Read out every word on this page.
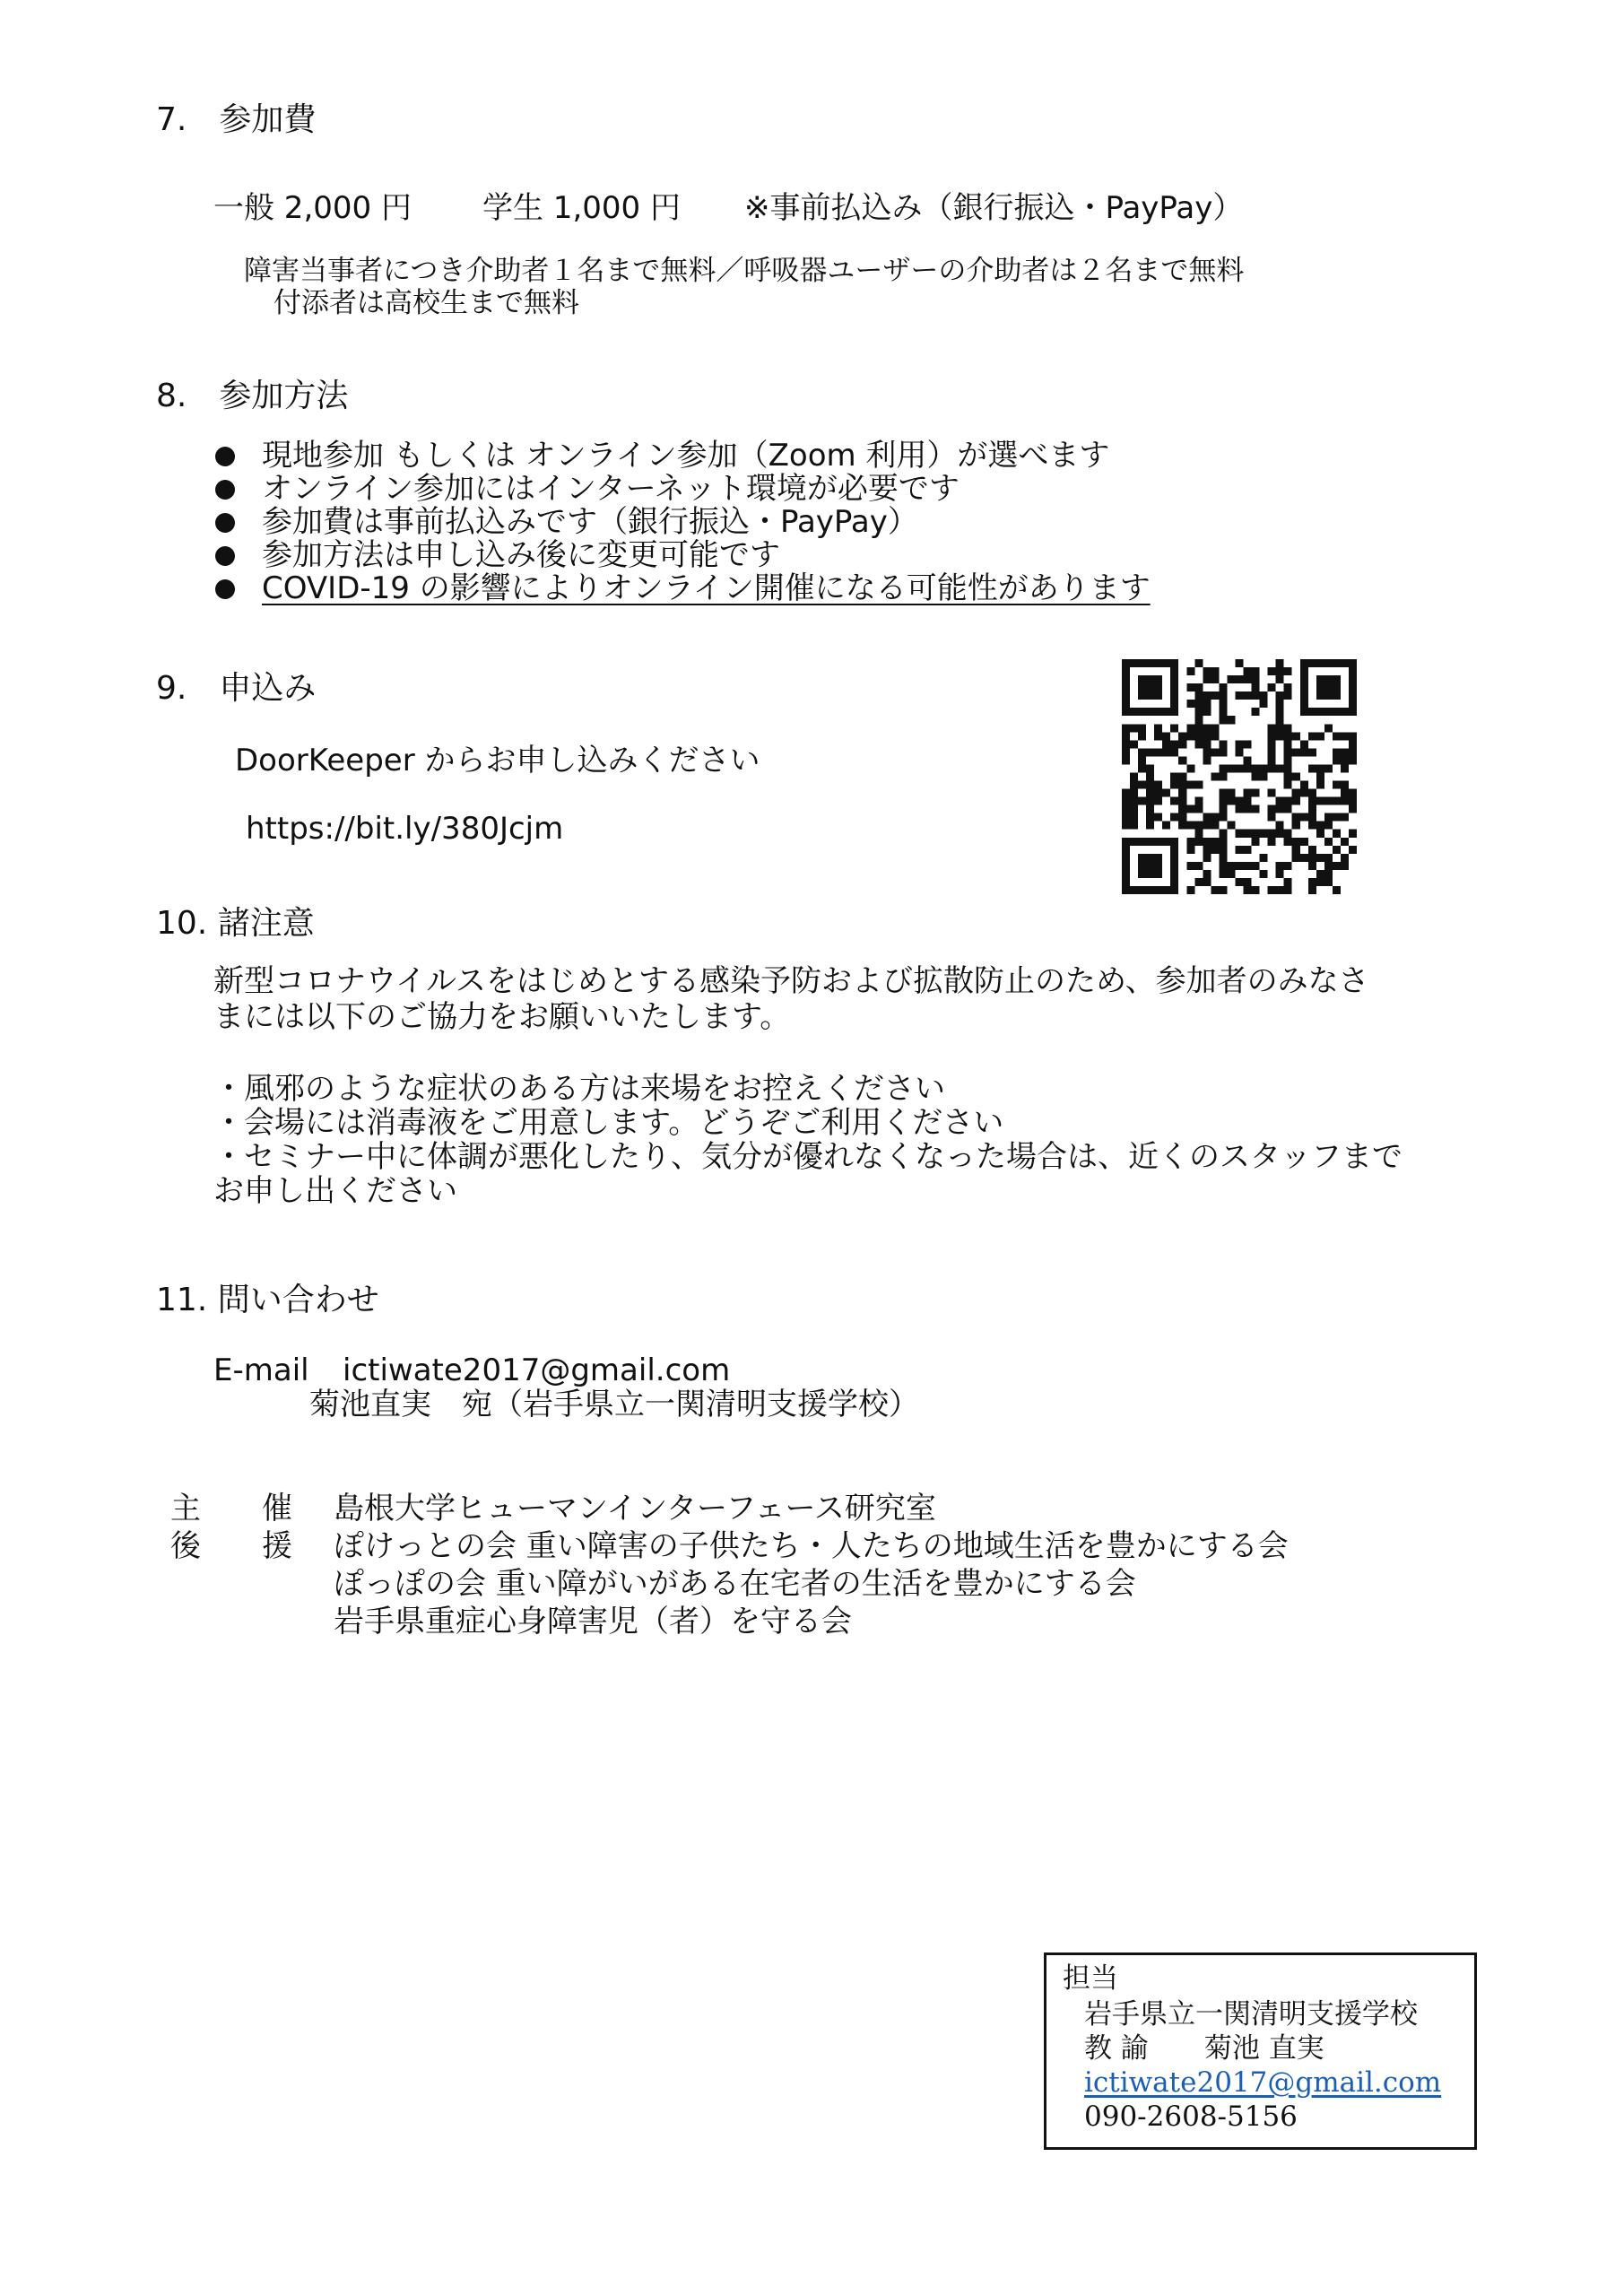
7.　参加費
一般 2,000 円 学生 1,000 円 ※事前払込み（銀行振込・PayPay）
障害当事者につき介助者１名まで無料／呼吸器ユーザーの介助者は２名まで無料
付添者は高校生まで無料
8.　参加方法
現地参加 もしくは オンライン参加（Zoom 利用）が選べます
オンライン参加にはインターネット環境が必要です
参加費は事前払込みです（銀行振込・PayPay）
参加方法は申し込み後に変更可能です
COVID-19 の影響によりオンライン開催になる可能性があります
9.　申込み
DoorKeeper からお申し込みください
https://bit.ly/380Jcjm
10. 諸注意
新型コロナウイルスをはじめとする感染予防および拡散防止のため、参加者のみなさ
まには以下のご協力をお願いいたします。
・風邪のような症状のある方は来場をお控えください
・会場には消毒液をご用意します。どうぞご利用ください
・セミナー中に体調が悪化したり、気分が優れなくなった場合は、近くのスタッフまで
お申し出ください
11. 問い合わせ
E-mail ictiwate2017@gmail.com
菊池直実　宛（岩手県立一関清明支援学校）
主　　催 島根大学ヒューマンインターフェース研究室
後　　援 ぽけっとの会 重い障害の子供たち・人たちの地域生活を豊かにする会
ぽっぽの会 重い障がいがある在宅者の生活を豊かにする会
岩手県重症心身障害児（者）を守る会
担当
岩手県立一関清明支援学校
教 諭　　菊池 直実
ictiwate2017@gmail.com
090-2608-5156
